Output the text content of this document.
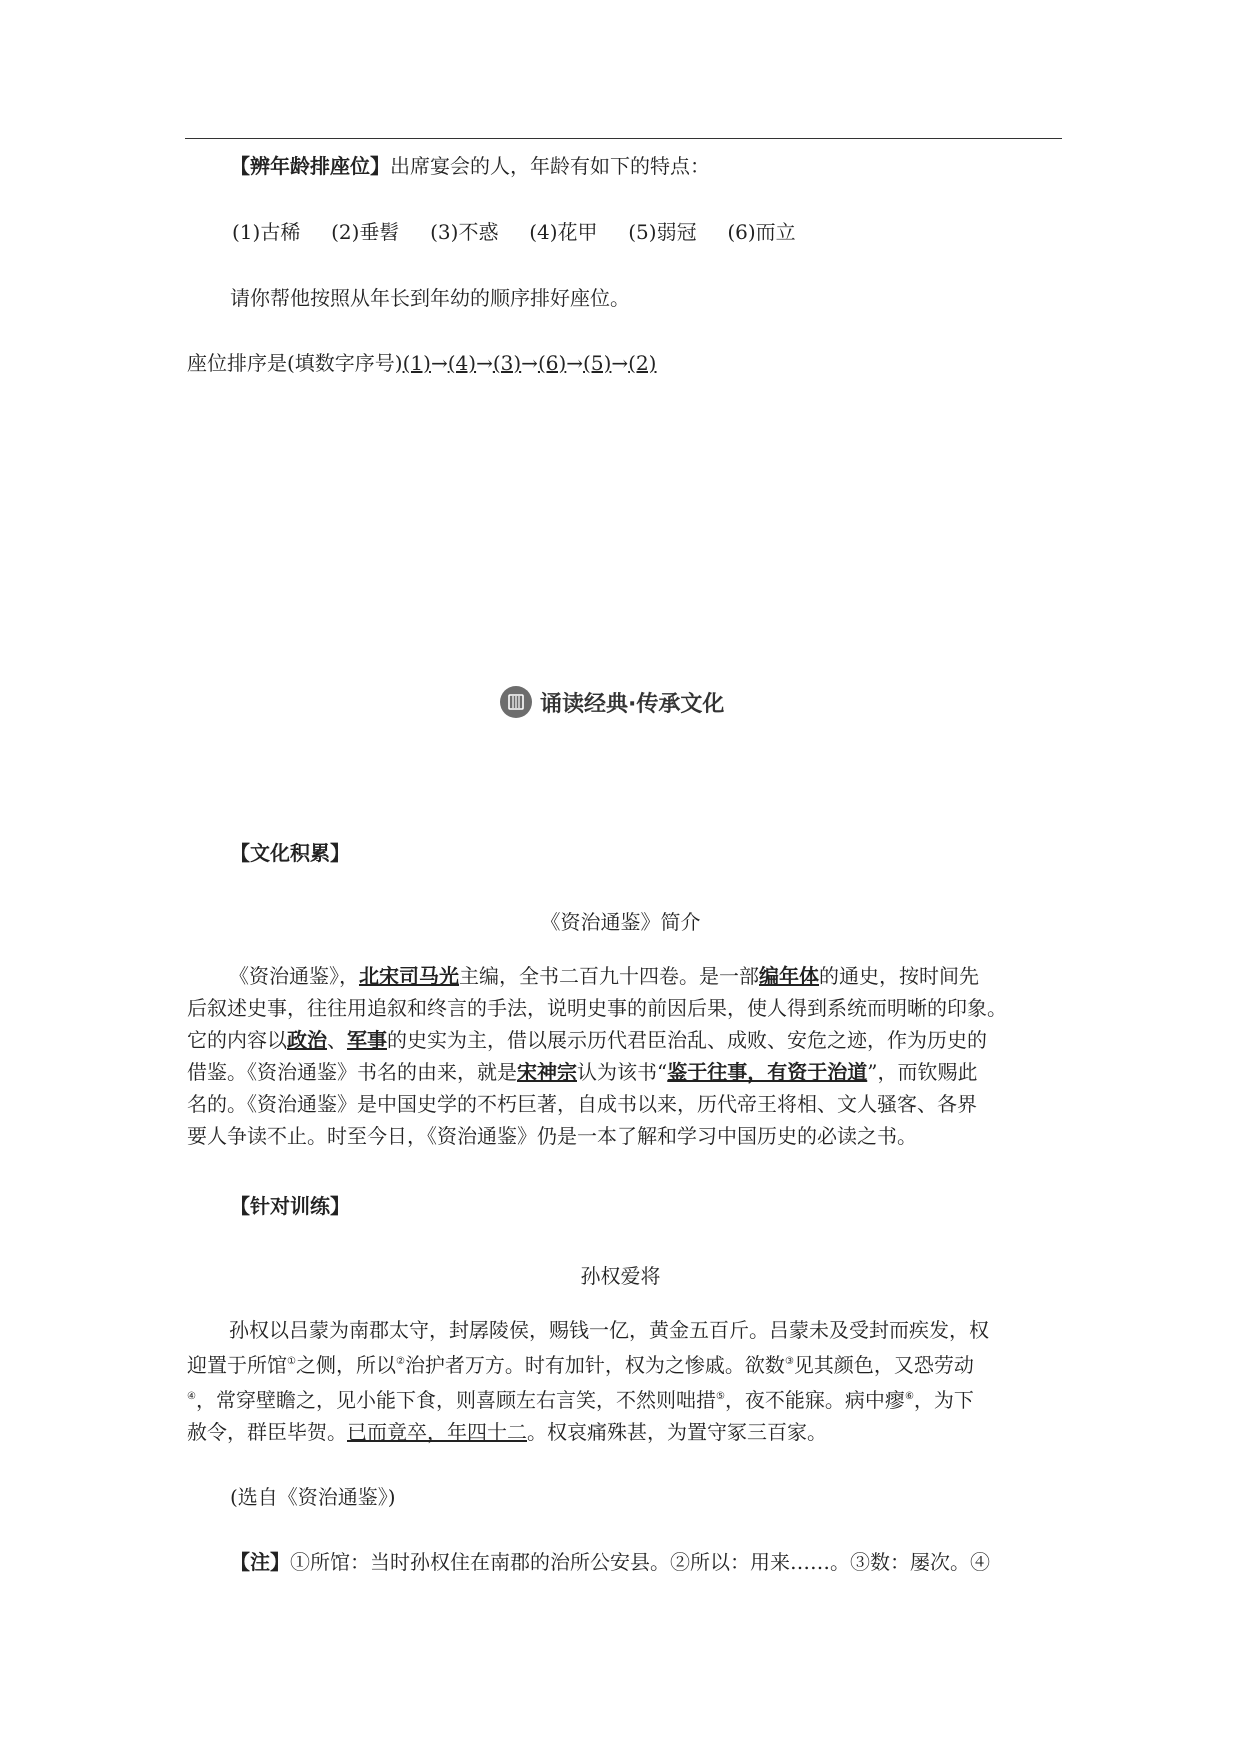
【辨年龄排座位】出席宴会的人，年龄有如下的特点：
(1)古稀 (2)垂髫 (3)不惑 (4)花甲 (5)弱冠 (6)而立
请你帮他按照从年长到年幼的顺序排好座位。
座位排序是(填数字序号)(1)→(4)→(3)→(6)→(5)→(2)
诵读经典·传承文化
【文化积累】
《资治通鉴》简介
《资治通鉴》，北宋司马光主编，全书二百九十四卷。是一部编年体的通史，按时间先
后叙述史事，往往用追叙和终言的手法，说明史事的前因后果，使人得到系统而明晰的印象。
它的内容以政治、军事的史实为主，借以展示历代君臣治乱、成败、安危之迹，作为历史的
借鉴。《资治通鉴》书名的由来，就是宋神宗认为该书“鉴于往事，有资于治道”，而钦赐此
名的。《资治通鉴》是中国史学的不朽巨著，自成书以来，历代帝王将相、文人骚客、各界
要人争读不止。时至今日，《资治通鉴》仍是一本了解和学习中国历史的必读之书。
【针对训练】
孙权爱将
孙权以吕蒙为南郡太守，封孱陵侯，赐钱一亿，黄金五百斤。吕蒙未及受封而疾发，权
迎置于所馆①之侧，所以②治护者万方。时有加针，权为之惨戚。欲数③见其颜色，又恐劳动
④，常穿壁瞻之，见小能下食，则喜顾左右言笑，不然则咄措⑤，夜不能寐。病中瘳⑥，为下
赦令，群臣毕贺。已而竟卒，年四十二。权哀痛殊甚，为置守冢三百家。
(选自《资治通鉴》)
【注】①所馆：当时孙权住在南郡的治所公安县。②所以：用来……。③数：屡次。④
